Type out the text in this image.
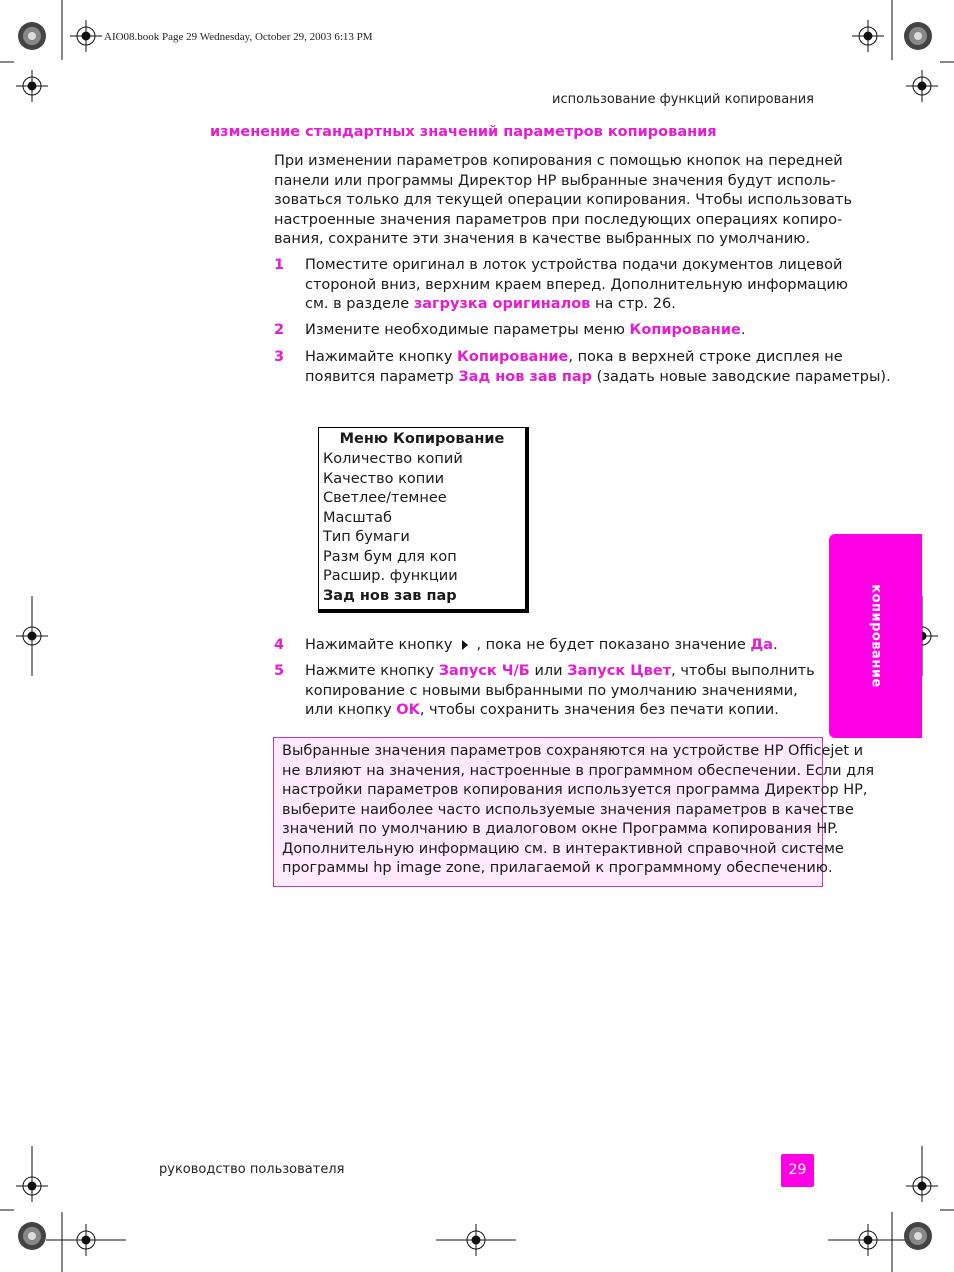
AIO08.book Page 29 Wednesday, October 29, 2003 6:13 PM
использование функций копирования
изменение стандартных значений параметров копирования
При изменении параметров копирования с помощью кнопок на передней
панели или программы Директор HP выбранные значения будут исполь-
зоваться только для текущей операции копирования. Чтобы использовать
настроенные значения параметров при последующих операциях копиро-
вания, сохраните эти значения в качестве выбранных по умолчанию.
1 Поместите оригинал в лоток устройства подачи документов лицевой
стороной вниз, верхним краем вперед. Дополнительную информацию
см. в разделе загрузка оригиналов на стр. 26.
2 Измените необходимые параметры меню Копирование.
3 Нажимайте кнопку Копирование, пока в верхней строке дисплея не
появится параметр Зад нов зав пар (задать новые заводские параметры).
Меню Копирование
Количество копий
Качество копии
Светлее/темнее
Масштаб
Тип бумаги
Разм бум для коп
Расшир. функции
Зад нов зав пар
4 Нажимайте кнопку , пока не будет показано значение Да.
5 Нажмите кнопку Запуск Ч/Б или Запуск Цвет, чтобы выполнить
копирование с новыми выбранными по умолчанию значениями,
или кнопку OK, чтобы сохранить значения без печати копии.
Выбранные значения параметров сохраняются на устройстве HP Officejet и
не влияют на значения, настроенные в программном обеспечении. Если для
настройки параметров копирования используется программа Директор HP,
выберите наиболее часто используемые значения параметров в качестве
значений по умолчанию в диалоговом окне Программа копирования HP.
Дополнительную информацию см. в интерактивной справочной системе
программы hp image zone, прилагаемой к программному обеспечению.
копирование
руководство пользователя	29
